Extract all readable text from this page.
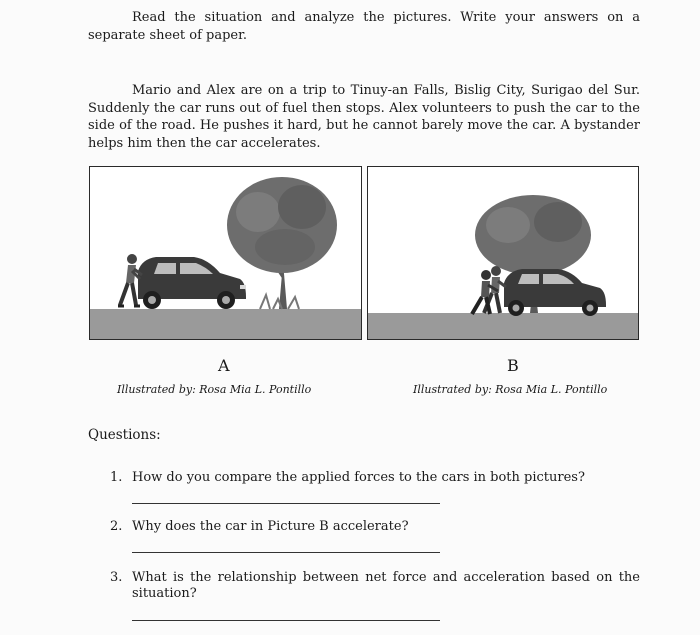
Read the situation and analyze the pictures. Write your answers on a separate sheet of paper.

Mario and Alex are on a trip to Tinuy-an Falls, Bislig City, Surigao del Sur. Suddenly the car runs out of fuel then stops. Alex volunteers to push the car to the side of the road. He pushes it hard, but he cannot barely move the car. A bystander helps him then the car accelerates.

A	B
Illustrated by: Rosa Mia L. Pontillo	Illustrated by: Rosa Mia L. Pontillo
Questions:
1. How do you compare the applied forces to the cars in both pictures?
2. Why does the car in Picture B accelerate?
3. What is the relationship between net force and acceleration based on the situation?
